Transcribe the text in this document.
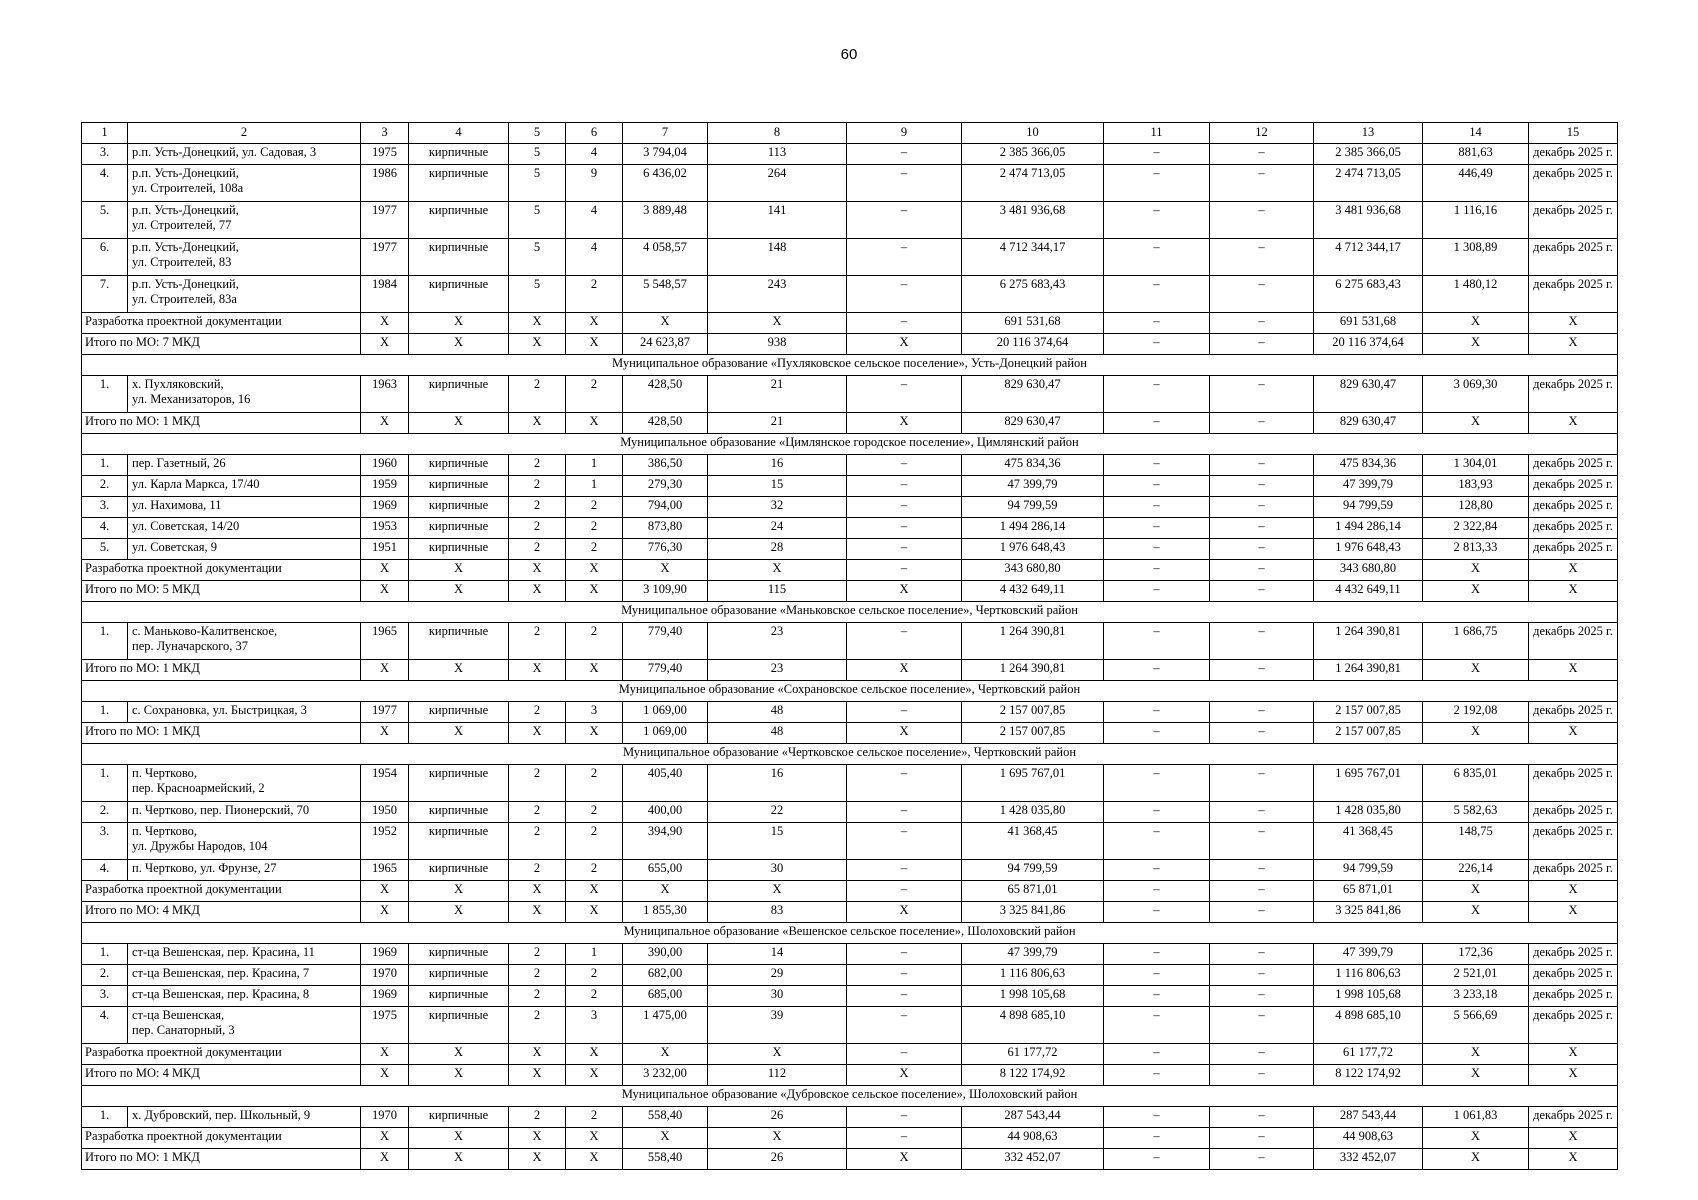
60
1	2	3	4	5	6	7	8	9	10	11	12	13	14	15
3.	р.п. Усть-Донецкий, ул. Садовая, 3	1975	кирпичные	5	4	3 794,04	113	–	2 385 366,05	–	–	2 385 366,05	881,63	декабрь 2025 г.
4.	р.п. Усть-Донецкий,
ул. Строителей, 108а	1986	кирпичные	5	9	6 436,02	264	–	2 474 713,05	–	–	2 474 713,05	446,49	декабрь 2025 г.
5.	р.п. Усть-Донецкий,
ул. Строителей, 77	1977	кирпичные	5	4	3 889,48	141	–	3 481 936,68	–	–	3 481 936,68	1 116,16	декабрь 2025 г.
6.	р.п. Усть-Донецкий,
ул. Строителей, 83	1977	кирпичные	5	4	4 058,57	148	–	4 712 344,17	–	–	4 712 344,17	1 308,89	декабрь 2025 г.
7.	р.п. Усть-Донецкий,
ул. Строителей, 83а	1984	кирпичные	5	2	5 548,57	243	–	6 275 683,43	–	–	6 275 683,43	1 480,12	декабрь 2025 г.
Разработка проектной документации		X	X	X	X	X	X	–	691 531,68	–	–	691 531,68	X	X
Итого по МО: 7 МКД		X	X	X	X	24 623,87	938	X	20 116 374,64	–	–	20 116 374,64	X	X
Муниципальное образование «Пухляковское сельское поселение», Усть-Донецкий район														
1.	х. Пухляковский,
ул. Механизаторов, 16	1963	кирпичные	2	2	428,50	21	–	829 630,47	–	–	829 630,47	3 069,30	декабрь 2025 г.
Итого по МО: 1 МКД		X	X	X	X	428,50	21	X	829 630,47	–	–	829 630,47	X	X
Муниципальное образование «Цимлянское городское поселение», Цимлянский район														
1.	пер. Газетный, 26	1960	кирпичные	2	1	386,50	16	–	475 834,36	–	–	475 834,36	1 304,01	декабрь 2025 г.
2.	ул. Карла Маркса, 17/40	1959	кирпичные	2	1	279,30	15	–	47 399,79	–	–	47 399,79	183,93	декабрь 2025 г.
3.	ул. Нахимова, 11	1969	кирпичные	2	2	794,00	32	–	94 799,59	–	–	94 799,59	128,80	декабрь 2025 г.
4.	ул. Советская, 14/20	1953	кирпичные	2	2	873,80	24	–	1 494 286,14	–	–	1 494 286,14	2 322,84	декабрь 2025 г.
5.	ул. Советская, 9	1951	кирпичные	2	2	776,30	28	–	1 976 648,43	–	–	1 976 648,43	2 813,33	декабрь 2025 г.
Разработка проектной документации		X	X	X	X	X	X	–	343 680,80	–	–	343 680,80	X	X
Итого по МО: 5 МКД		X	X	X	X	3 109,90	115	X	4 432 649,11	–	–	4 432 649,11	X	X
Муниципальное образование «Маньковское сельское поселение», Чертковский район														
1.	с. Маньково-Калитвенское,
пер. Луначарского, 37	1965	кирпичные	2	2	779,40	23	–	1 264 390,81	–	–	1 264 390,81	1 686,75	декабрь 2025 г.
Итого по МО: 1 МКД		X	X	X	X	779,40	23	X	1 264 390,81	–	–	1 264 390,81	X	X
Муниципальное образование «Сохрановское сельское поселение», Чертковский район														
1.	с. Сохрановка, ул. Быстрицкая, 3	1977	кирпичные	2	3	1 069,00	48	–	2 157 007,85	–	–	2 157 007,85	2 192,08	декабрь 2025 г.
Итого по МО: 1 МКД		X	X	X	X	1 069,00	48	X	2 157 007,85	–	–	2 157 007,85	X	X
Муниципальное образование «Чертковское сельское поселение», Чертковский район														
1.	п. Чертково,
пер. Красноармейский, 2	1954	кирпичные	2	2	405,40	16	–	1 695 767,01	–	–	1 695 767,01	6 835,01	декабрь 2025 г.
2.	п. Чертково, пер. Пионерский, 70	1950	кирпичные	2	2	400,00	22	–	1 428 035,80	–	–	1 428 035,80	5 582,63	декабрь 2025 г.
3.	п. Чертково,
ул. Дружбы Народов, 104	1952	кирпичные	2	2	394,90	15	–	41 368,45	–	–	41 368,45	148,75	декабрь 2025 г.
4.	п. Чертково, ул. Фрунзе, 27	1965	кирпичные	2	2	655,00	30	–	94 799,59	–	–	94 799,59	226,14	декабрь 2025 г.
Разработка проектной документации		X	X	X	X	X	X	–	65 871,01	–	–	65 871,01	X	X
Итого по МО: 4 МКД		X	X	X	X	1 855,30	83	X	3 325 841,86	–	–	3 325 841,86	X	X
Муниципальное образование «Вешенское сельское поселение», Шолоховский район														
1.	ст-ца Вешенская, пер. Красина, 11	1969	кирпичные	2	1	390,00	14	–	47 399,79	–	–	47 399,79	172,36	декабрь 2025 г.
2.	ст-ца Вешенская, пер. Красина, 7	1970	кирпичные	2	2	682,00	29	–	1 116 806,63	–	–	1 116 806,63	2 521,01	декабрь 2025 г.
3.	ст-ца Вешенская, пер. Красина, 8	1969	кирпичные	2	2	685,00	30	–	1 998 105,68	–	–	1 998 105,68	3 233,18	декабрь 2025 г.
4.	ст-ца Вешенская,
пер. Санаторный, 3	1975	кирпичные	2	3	1 475,00	39	–	4 898 685,10	–	–	4 898 685,10	5 566,69	декабрь 2025 г.
Разработка проектной документации		X	X	X	X	X	X	–	61 177,72	–	–	61 177,72	X	X
Итого по МО: 4 МКД		X	X	X	X	3 232,00	112	X	8 122 174,92	–	–	8 122 174,92	X	X
Муниципальное образование «Дубровское сельское поселение», Шолоховский район														
1.	х. Дубровский, пер. Школьный, 9	1970	кирпичные	2	2	558,40	26	–	287 543,44	–	–	287 543,44	1 061,83	декабрь 2025 г.
Разработка проектной документации		X	X	X	X	X	X	–	44 908,63	–	–	44 908,63	X	X
Итого по МО: 1 МКД		X	X	X	X	558,40	26	X	332 452,07	–	–	332 452,07	X	X
